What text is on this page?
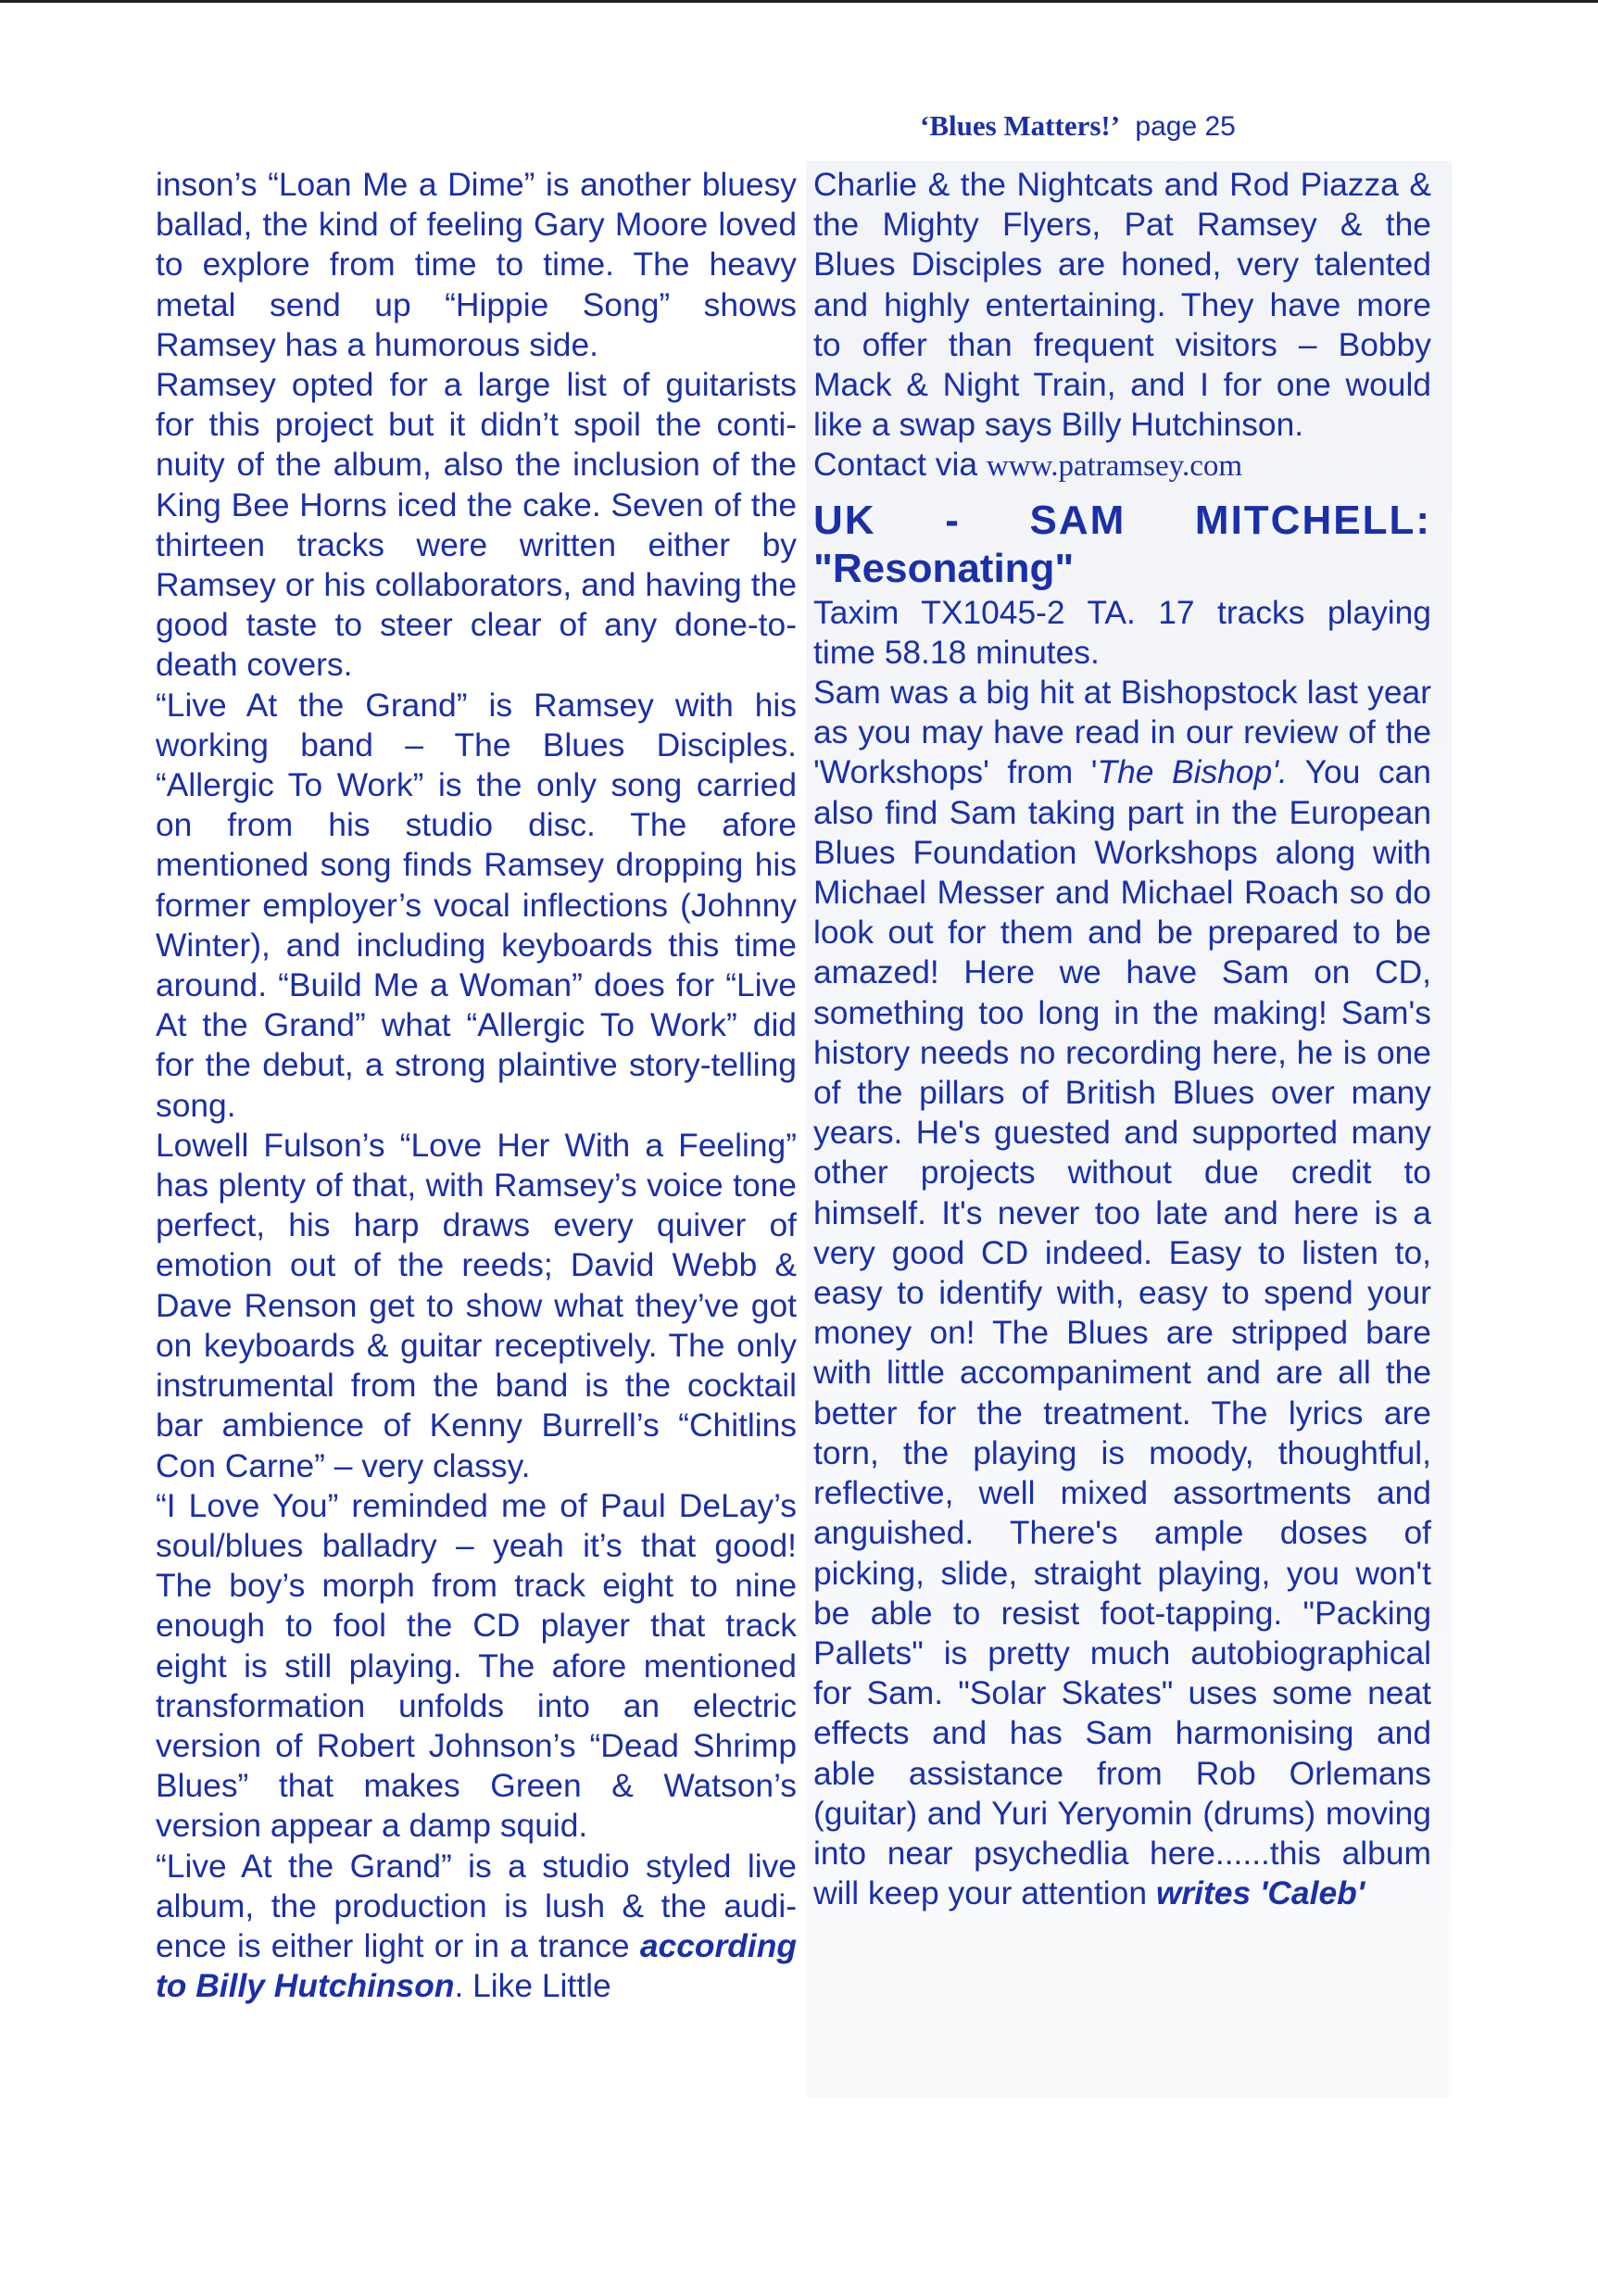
‘Blues Matters!’ page 25

inson’s “Loan Me a Dime” is another bluesy ballad, the kind of feeling Gary Moore loved to explore from time to time. The heavy metal send up “Hippie Song” shows Ramsey has a humorous side.

Ramsey opted for a large list of guitarists for this project but it didn’t spoil the continuity of the album, also the inclusion of the King Bee Horns iced the cake. Seven of the thirteen tracks were written either by Ramsey or his collaborators, and having the good taste to steer clear of any done-to-death covers.

“Live At the Grand” is Ramsey with his working band – The Blues Disciples. “Allergic To Work” is the only song carried on from his studio disc. The afore mentioned song finds Ramsey dropping his former employer’s vocal inflections (Johnny Winter), and including keyboards this time around. “Build Me a Woman” does for “Live At the Grand” what “Allergic To Work” did for the debut, a strong plaintive story-telling song.

Lowell Fulson’s “Love Her With a Feeling” has plenty of that, with Ramsey’s voice tone perfect, his harp draws every quiver of emotion out of the reeds; David Webb & Dave Renson get to show what they’ve got on keyboards & guitar receptively. The only instrumental from the band is the cocktail bar ambience of Kenny Burrell’s “Chitlins Con Carne” – very classy.

“I Love You” reminded me of Paul DeLay’s soul/blues balladry – yeah it’s that good! The boy’s morph from track eight to nine enough to fool the CD player that track eight is still playing. The afore mentioned transformation unfolds into an electric version of Robert Johnson’s “Dead Shrimp Blues” that makes Green & Watson’s version appear a damp squid.

“Live At the Grand” is a studio styled live album, the production is lush & the audience is either light or in a trance according to Billy Hutchinson. Like Little

Charlie & the Nightcats and Rod Piazza & the Mighty Flyers, Pat Ramsey & the Blues Disciples are honed, very talented and highly entertaining. They have more to offer than frequent visitors – Bobby Mack & Night Train, and I for one would like a swap says Billy Hutchinson.

Contact via www.patramsey.com

UK - SAM MITCHELL:
"Resonating"

Taxim TX1045-2 TA. 17 tracks playing time 58.18 minutes.

Sam was a big hit at Bishopstock last year as you may have read in our review of the 'Workshops' from 'The Bishop'. You can also find Sam taking part in the European Blues Foundation Workshops along with Michael Messer and Michael Roach so do look out for them and be prepared to be amazed! Here we have Sam on CD, something too long in the making! Sam's history needs no recording here, he is one of the pillars of British Blues over many years. He's guested and supported many other projects without due credit to himself. It's never too late and here is a very good CD indeed. Easy to listen to, easy to identify with, easy to spend your money on! The Blues are stripped bare with little accompaniment and are all the better for the treatment. The lyrics are torn, the playing is moody, thoughtful, reflective, well mixed assortments and anguished. There's ample doses of picking, slide, straight playing, you won't be able to resist foot-tapping. "Packing Pallets" is pretty much autobiographical for Sam. "Solar Skates" uses some neat effects and has Sam harmonising and able assistance from Rob Orlemans (guitar) and Yuri Yeryomin (drums) moving into near psychedlia here......this album will keep your attention writes 'Caleb'
